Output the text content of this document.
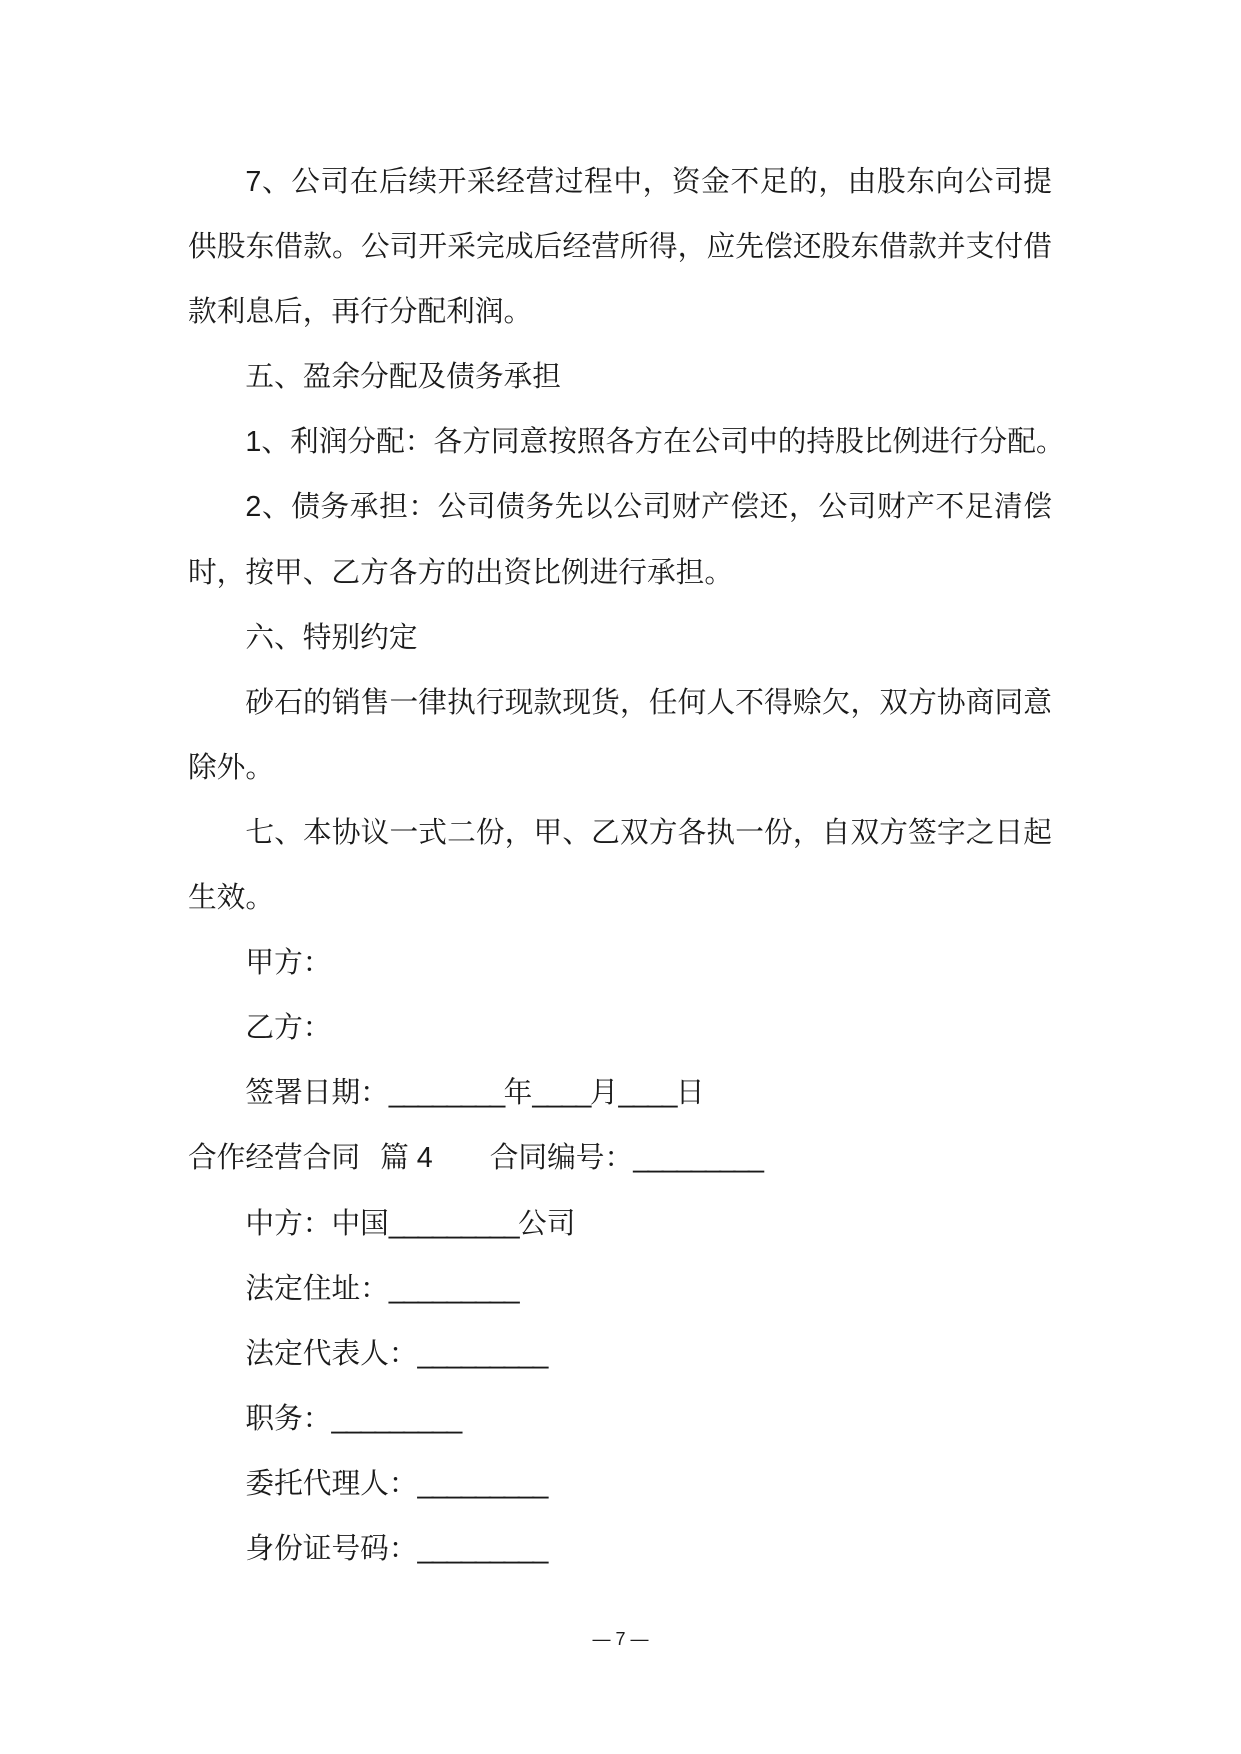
7、公司在后续开采经营过程中，资金不足的，由股东向公司提
供股东借款。公司开采完成后经营所得，应先偿还股东借款并支付借
款利息后，再行分配利润。
五、盈余分配及债务承担
1、利润分配：各方同意按照各方在公司中的持股比例进行分配。
2、债务承担：公司债务先以公司财产偿还，公司财产不足清偿
时，按甲、乙方各方的出资比例进行承担。
六、特别约定
砂石的销售一律执行现款现货，任何人不得赊欠，双方协商同意
除外。
七、本协议一式二份，甲、乙双方各执一份，自双方签字之日起
生效。
甲方：
乙方：
签署日期：________年____月____日
合作经营合同 篇 4 合同编号：_________
中方：中国_________公司
法定住址：_________
法定代表人：_________
职务：_________
委托代理人：_________
身份证号码：_________
— 7 —
